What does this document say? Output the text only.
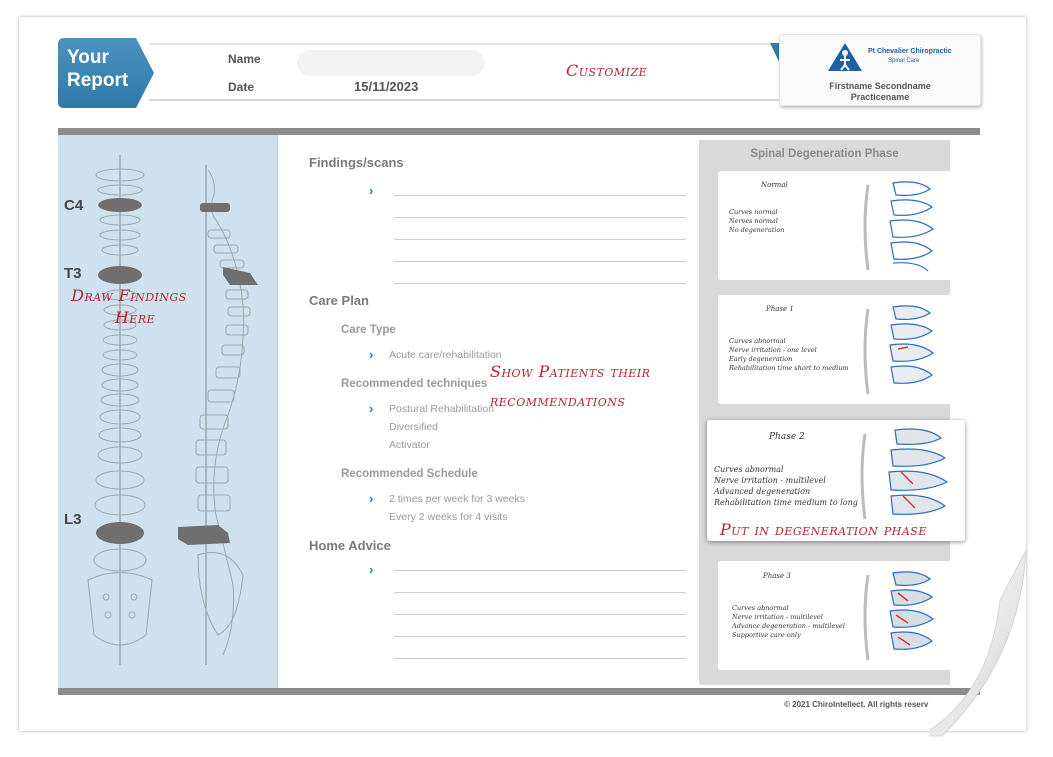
Your
Report
Name
Date	15/11/2023
Customize
Pt Chevalier Chiropractic
Spinal Care
Firstname Secondname
Practicename
C4
T3
L3
Draw Findings
Here
Findings/scans
›
Care Plan
Care Type
› Acute care/rehabilitation
Recommended techniques
› Postural Rehabilitation
Diversified
Activator
Recommended Schedule
› 2 times per week for 3 weeks
Every 2 weeks for 4 visits
Show Patients their
recommendations
Home Advice
›
Spinal Degeneration Phase
Normal
Curves normal
Nerves normal
No degeneration
Phase 1
Curves abnormal
Nerve irritation - one level
Early degeneration
Rehabilitation time short to medium
Phase 2
Curves abnormal
Nerve irritation - multilevel
Advanced degeneration
Rehabilitation time medium to long
Phase 3
Curves abnormal
Nerve irritation - multilevel
Advance degeneration - multilevel
Supportive care only
Put in degeneration phase
© 2021 ChiroIntellect. All rights reserv
